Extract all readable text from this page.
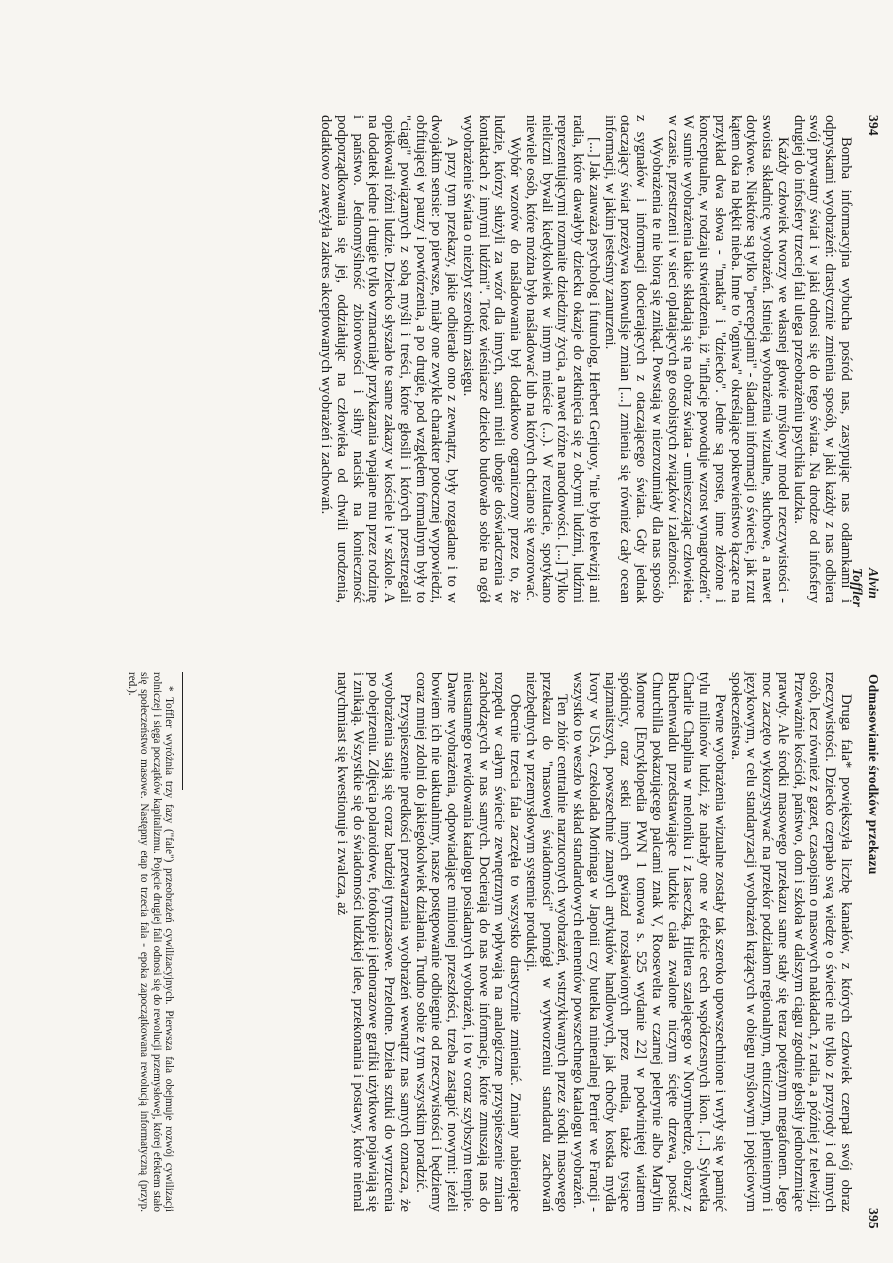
394
Alvin Toffler

Bomba informacyjna wybucha pośród nas, zasypując nas odłamkami i odpryskami wyobrażeń: drastycznie zmienia sposób, w jaki każdy z nas odbiera swój prywatny świat i w jaki odnosi się do tego świata. Na drodze od infosfery drugiej do infosfery trzeciej fali ulega przeobrażeniu psychika ludzka.

Każdy człowiek tworzy we własnej głowie myślowy model rzeczywistości - swoista składnicę wyobrażeń. Istnieją wyobrażenia wizualne, słuchowe, a nawet dotykowe. Niektóre są tylko "percepcjami" - śladami informacji o świecie, jak rzut kątem oka na błękit nieba. Inne to "ogniwa" określające pokrewieństwo łączące na przykład dwa słowa - "matka" i "dziecko". Jedne są proste, inne złożone i konceptualne, w rodzaju stwierdzenia, iż "inflacje powoduje wzrost wynagrodzeń". W sumie wyobrażenia takie składają się na obraz świata - umieszczając człowieka w czasie, przestrzeni i w sieci oplatających go osobistych związków i zależności.

Wyobrażenia te nie biorą się znikąd. Powstają w niezrozumiały dla nas sposób z sygnałów i informacji docierających z otaczającego świata. Gdy jednak otaczający świat przeżywa konwulsje zmian [...] zmienia się również cały ocean informacji, w jakim jesteśmy zanurzeni.

[...] Jak zauważa psycholog i futurolog, Herbert Gerjuoy, "nie było telewizji ani radia, które dawałyby dziecku okazje do zetknięcia się z obcymi ludźmi, ludźmi reprezentującymi rozmaite dziedziny życia, a nawet różne narodowości. [...] Tylko nieliczni bywali kiedykolwiek w innym mieście (...). W rezultacie, spotykano niewiele osób, które można było naśladować lub na których chciano się wzorować.

Wybór wzorów do naśladowania był dodatkowo ograniczony przez to, że ludzie, którzy służyli za wzór dla innych, sami mieli ubogie doświadczenia w kontaktach z innymi ludźmi". Toteż wieśniacze dziecko budowało sobie na ogół wyobrażenie świata o niezbyt szerokim zasięgu.

A przy tym przekazy, jakie odbierało ono z zewnątrz, były rozgadane i to w dwojakim sensie: po pierwsze, miały one zwykle charakter potocznej wypowiedzi, obfitującej w pauzy i powtórzenia, a po drugie, pod względem formalnym były to "ciągi" powiązanych z sobą myśli i treści, które głosili i których przestrzegali opiekowali różni ludzie. Dziecko słyszało te same zakazy w kościele i w szkole. A na dodatek jedne i drugie tylko wzmacniały przykazania wpajane mu przez rodzinę i państwo. Jednomyślność zbiorowości i siłny nacisk na konieczność podporządkowania się jej, oddziałując na człowieka od chwili urodzenia, dodatkowo zawężyła zakres akceptowanych wyobrażeń i zachowań.

Odmasowianie środków przekazu
395

Druga fala* powiększyła liczbę kanałów, z których człowiek czerpał swój obraz rzeczywistości. Dziecko czerpało swą wiedzę o świecie nie tylko z przyrody i od innych osób, lecz również z gazet, czasopism o masowych nakładach, z radia, a później z telewizji. Przeważnie kościół, państwo, dom i szkoła w dalszym ciągu zgodnie głosiły jednobrzmiące prawdy. Ale środki masowego przekazu same stały się teraz potężnym megafonem. Jego moc zaczęto wykorzystywać na przekór podziałom regionalnym, etnicznym, plemiennym i językowym, w celu standaryzacji wyobrażeń krążących w obiegu myślowym i pojęciowym społeczeństwa.

Pewne wyobrażenia wizualne zostały tak szeroko upowszechnione i wryły się w pamięć tylu milionów ludzi, że nabrały one w efekcie cech współczesnych ikon. [...] Sylwetka Charlie Chaplina w meloniku i z laseczką, Hitlera szalejącego w Norymberdze, obrazy z Buchenwaldu przedstawiające ludzkie ciała zwalone niczym ścięte drzewa, postać Churchilla pokazującego palcami znak V, Roosevelta w czarnej pelerynie albo Marylin Monroe [Encyklopedia PWN 1 tomowa s. 525 wydanie 22] w podwiniętej wiatrem spódnicy, oraz setki innych gwiazd rozsławionych przez media, także tysiące najzmaitszych, powszechnie znanych artykułów handlowych, jak choćby kostka mydła Ivory w USA, czekolada Morinaga w Japonii czy butelka mineralnej Perrier we Francji - wszystko to weszło w skład standardowych elementów powszechnego katalogu wyobrażeń.

Ten zbiór centralnie narzuconych wyobrażeń, wstrzykiwanych przez środki masowego przekazu do "masowej świadomości" pomógł w wytworzeniu standardu zachowań niezbędnych w przemysłowym systemie produkcji.

Obecnie trzecia fala zaczęła to wszystko drastycznie zmieniać. Zmiany nabierające rozpędu w całym świecie zewnętrznym wpływają na analogiczne przyspieszenie zmian zachodzących w nas samych. Docierają do nas nowe informacje, które zmuszają nas do nieustannego rewidowania katalogu posiadanych wyobrażeń, i to w coraz szybszym tempie. Dawne wyobrażenia, odpowiadające minionej przeszłości, trzeba zastąpić nowymi: jeżeli bowiem ich nie uaktualnimy, nasze postępowanie odbiegnie od rzeczywistości i będziemy coraz mniej zdolni do jakiegokolwiek działania. Trudno sobie z tym wszystkim poradzić.

Przyspieszenie predkości przetwarzania wyobrażeń wewnątrz nas samych oznacza, że wyobrażenia stają się coraz bardziej tymczasowe. Przelotne. Dzieła sztuki do wyrzucenia po obejrzeniu. Zdjęcia polaroidowe, fotokopie i jednorazowe grafiki użytkowe pojawiają się i znikają. Wszystkie się do świadomości ludzkiej idee, przekonania i postawy, które niemal natychmiast się kwestionuje i zwalcza, aż

* Toffler wyróżnia trzy fazy ("fale") przeobrażeń cywilizacyjnych. Pierwsza fala obejmuje rozwój cywilizacji rolniczej i sięga początków kapitalizmu. Pojęcie drugiej fali odnosi się do rewolucji przemysłowej, której efektem stało się społeczeństwo masowe. Następny etap to trzecia fala - epoka zapoczątkowana rewolucją informatyczną (przyp. red.).
